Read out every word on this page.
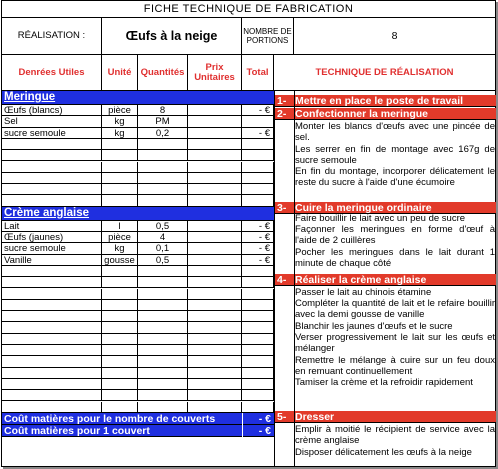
FICHE TECHNIQUE DE FABRICATION
RÉALISATION :	Œufs à la neige	NOMBRE DE PORTIONS	8
Denrées Utiles	Unité Quantités	Prix Unitaires	Total	TECHNIQUE DE RÉALISATION
Meringue
Œufs (blancs)	pièce	8	- €
Sel	kg	PM
sucre semoule	kg	0,2	- €
Crème anglaise
Lait	l	0,5	- €
Œufs (jaunes)	pièce	4	- €
sucre semoule	kg	0,1	- €
Vanille	gousse	0,5	- €
Coût matières pour le nombre de couverts	- €
Coût matières pour 1 couvert	- €
1- Mettre en place le poste de travail
2- Confectionner la meringue
Monter les blancs d'œufs avec une pincée de sel.
Les serrer en fin de montage avec 167g de sucre semoule
En fin du montage, incorporer délicatement le reste du sucre à l'aide d'une écumoire
3- Cuire la meringue ordinaire
Faire bouillir le lait avec un peu de sucre
Façonner les meringues en forme d'œuf à l'aide de 2 cuillères
Pocher les meringues dans le lait durant 1 minute de chaque côté
4- Réaliser la crème anglaise
Passer le lait au chinois étamine
Compléter la quantité de lait et le refaire bouillir avec la demi gousse de vanille
Blanchir les jaunes d'œufs et le sucre
Verser progressivement le lait sur les œufs et mélanger
Remettre le mélange à cuire sur un feu doux en remuant continuellement
Tamiser la crème et la refroidir rapidement
5- Dresser
Emplir à moitié le récipient de service avec la crème anglaise
Disposer délicatement les œufs à la neige
